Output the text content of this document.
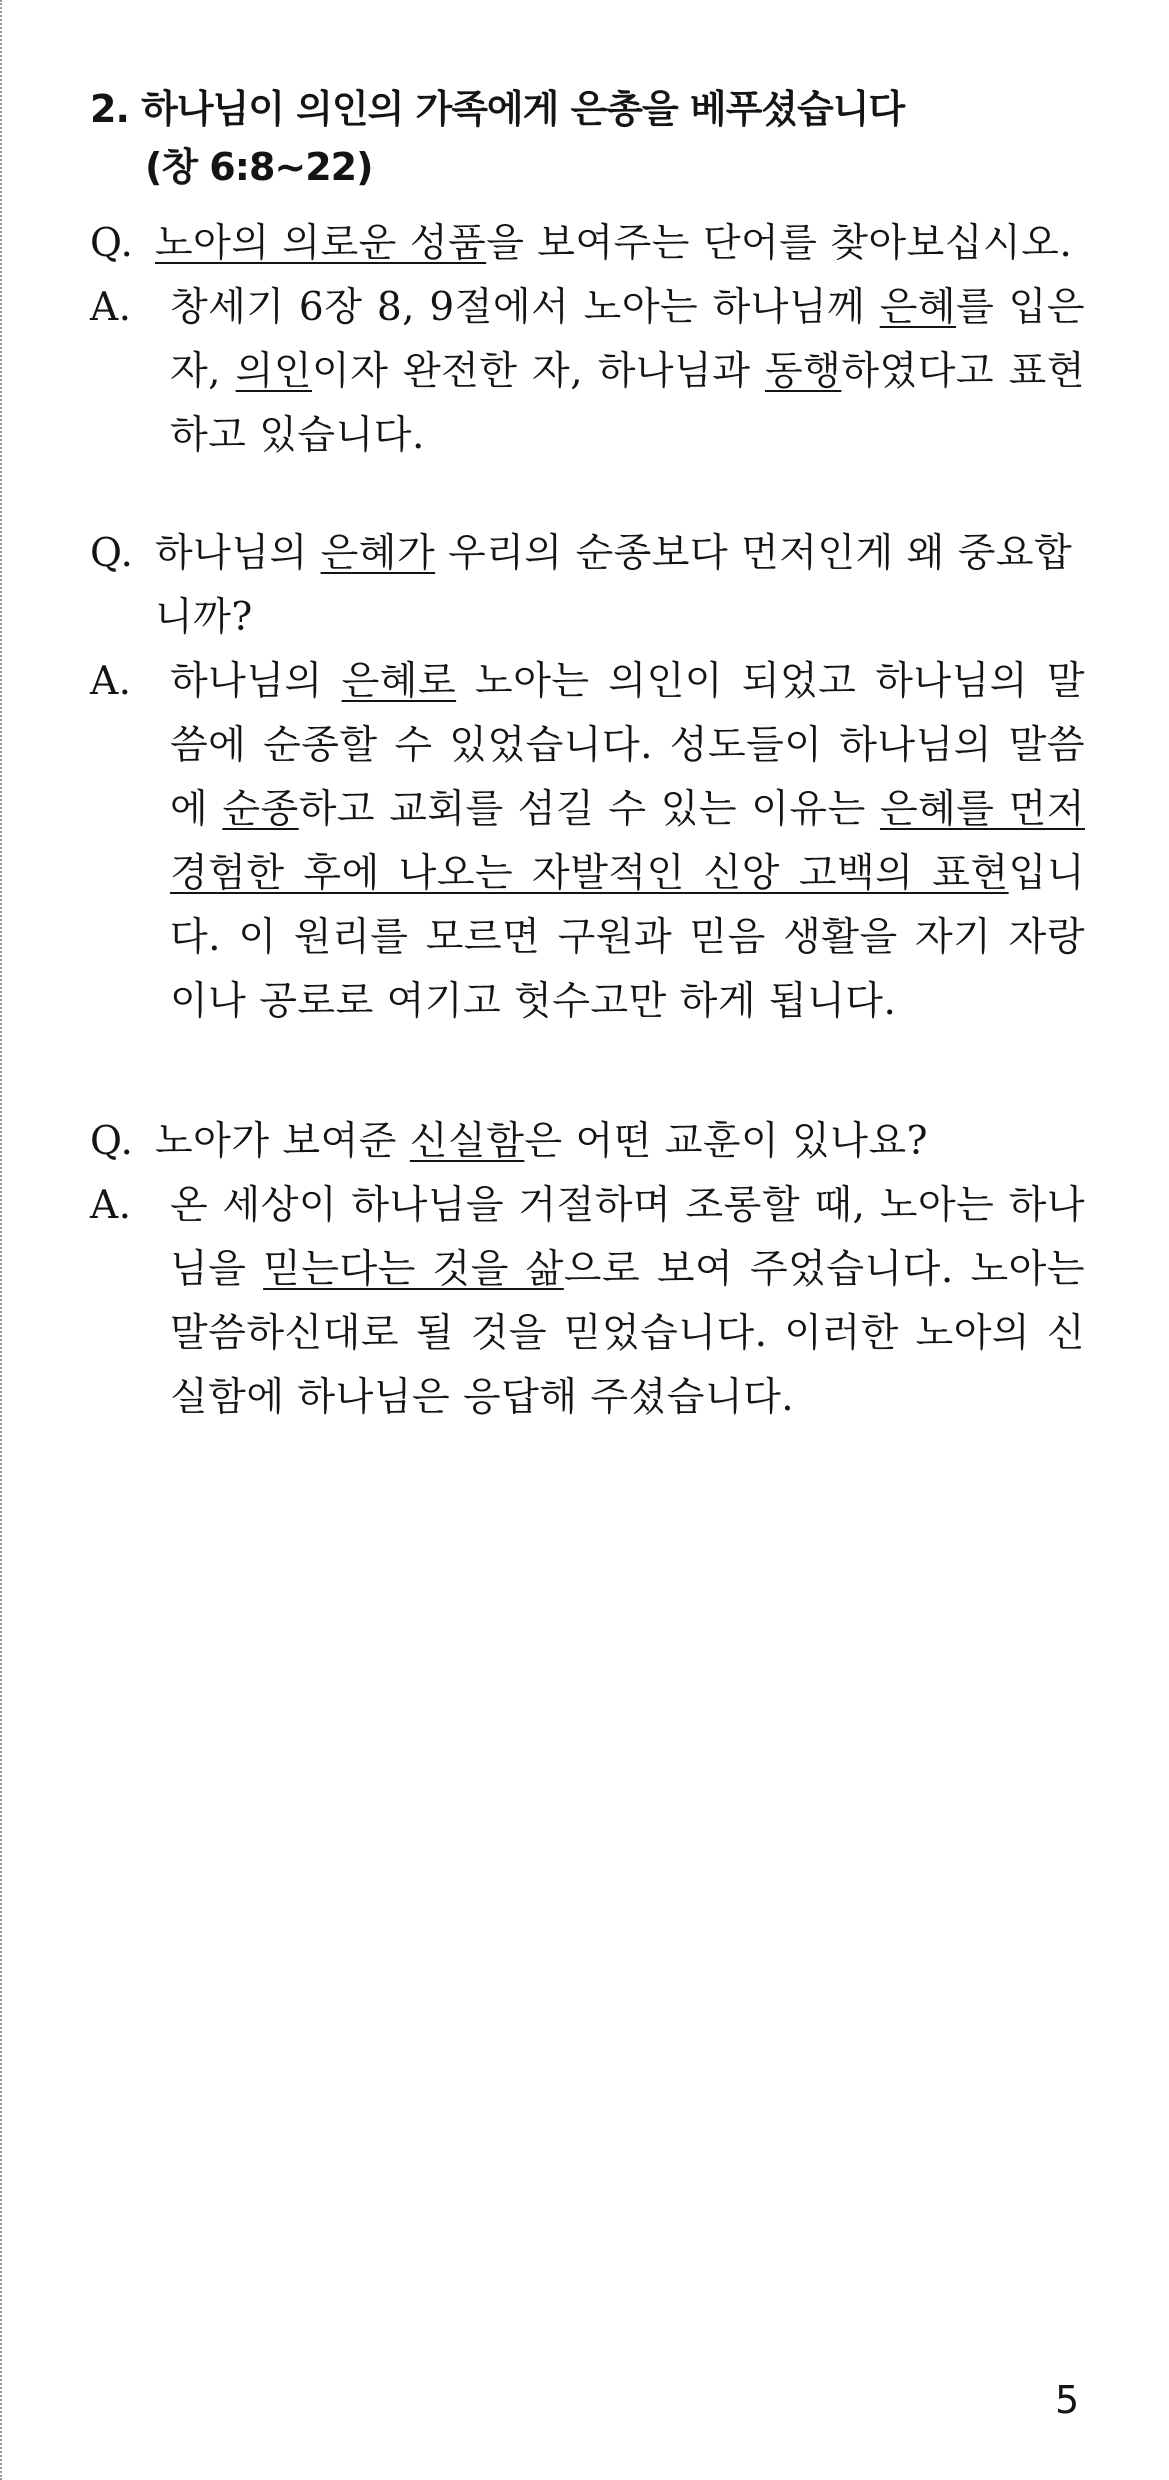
2. 하나님이 의인의 가족에게 은총을 베푸셨습니다
(창 6:8~22)
Q. 노아의 의로운 성품을 보여주는 단어를 찾아보십시오.
A. 창세기 6장 8, 9절에서 노아는 하나님께 은혜를 입은 자, 의인이자 완전한 자, 하나님과 동행하였다고 표현하고 있습니다.
Q. 하나님의 은혜가 우리의 순종보다 먼저인게 왜 중요합니까?
A. 하나님의 은혜로 노아는 의인이 되었고 하나님의 말씀에 순종할 수 있었습니다. 성도들이 하나님의 말씀에 순종하고 교회를 섬길 수 있는 이유는 은혜를 먼저 경험한 후에 나오는 자발적인 신앙 고백의 표현입니다. 이 원리를 모르면 구원과 믿음 생활을 자기 자랑이나 공로로 여기고 헛수고만 하게 됩니다.
Q. 노아가 보여준 신실함은 어떤 교훈이 있나요?
A. 온 세상이 하나님을 거절하며 조롱할 때, 노아는 하나님을 믿는다는 것을 삶으로 보여 주었습니다. 노아는 말씀하신대로 될 것을 믿었습니다. 이러한 노아의 신실함에 하나님은 응답해 주셨습니다.
5
